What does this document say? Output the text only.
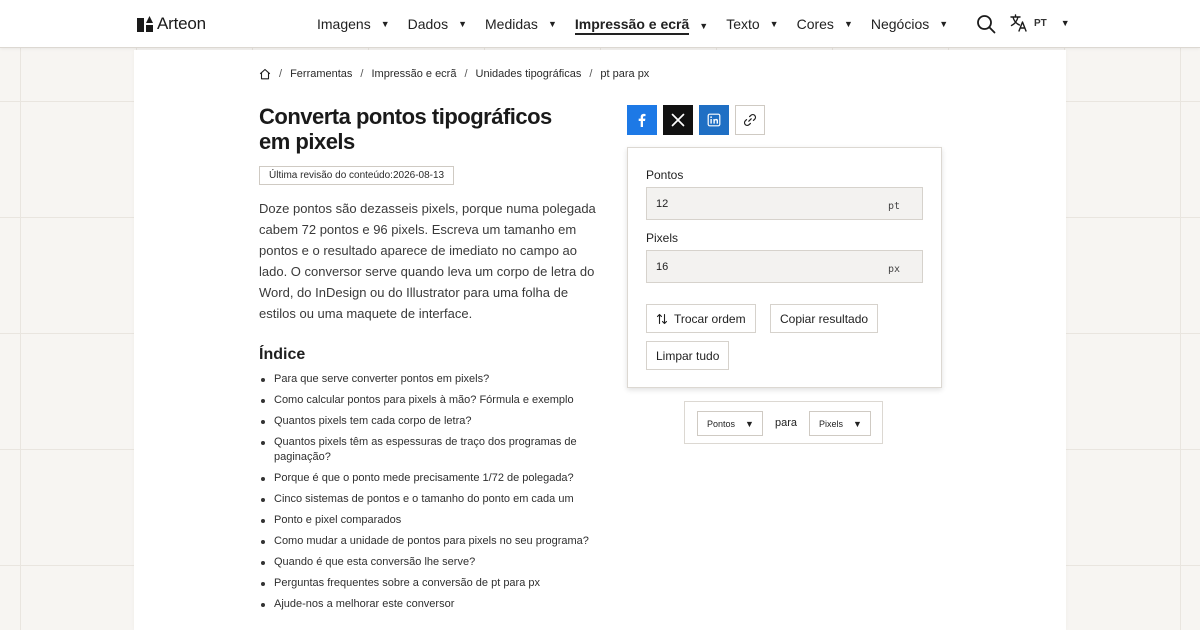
Arteon	Imagens ▼ Dados ▼ Medidas ▼ Impressão e ecrã ▼ Texto ▼ Cores ▼ Negócios ▼	PT ▼
/ Ferramentas / Impressão e ecrã / Unidades tipográficas / pt para px
Converta pontos tipográficos em pixels
Última revisão do conteúdo: 2026-08-13

Doze pontos são dezasseis pixels, porque numa polegada cabem 72 pontos e 96 pixels. Escreva um tamanho em pontos e o resultado aparece de imediato no campo ao lado. O conversor serve quando leva um corpo de letra do Word, do InDesign ou do Illustrator para uma folha de estilos ou uma maquete de interface.

Índice
Para que serve converter pontos em pixels?
Como calcular pontos para pixels à mão? Fórmula e exemplo
Quantos pixels tem cada corpo de letra?
Quantos pixels têm as espessuras de traço dos programas de paginação?
Porque é que o ponto mede precisamente 1/72 de polegada?
Cinco sistemas de pontos e o tamanho do ponto em cada um
Ponto e pixel comparados
Como mudar a unidade de pontos para pixels no seu programa?
Quando é que esta conversão lhe serve?
Perguntas frequentes sobre a conversão de pt para px
Ajude-nos a melhorar este conversor
Pontos
12
pt
Pixels
16
px
Trocar ordem	Copiar resultado
Limpar tudo
Pontos ▼ para Pixels ▼
